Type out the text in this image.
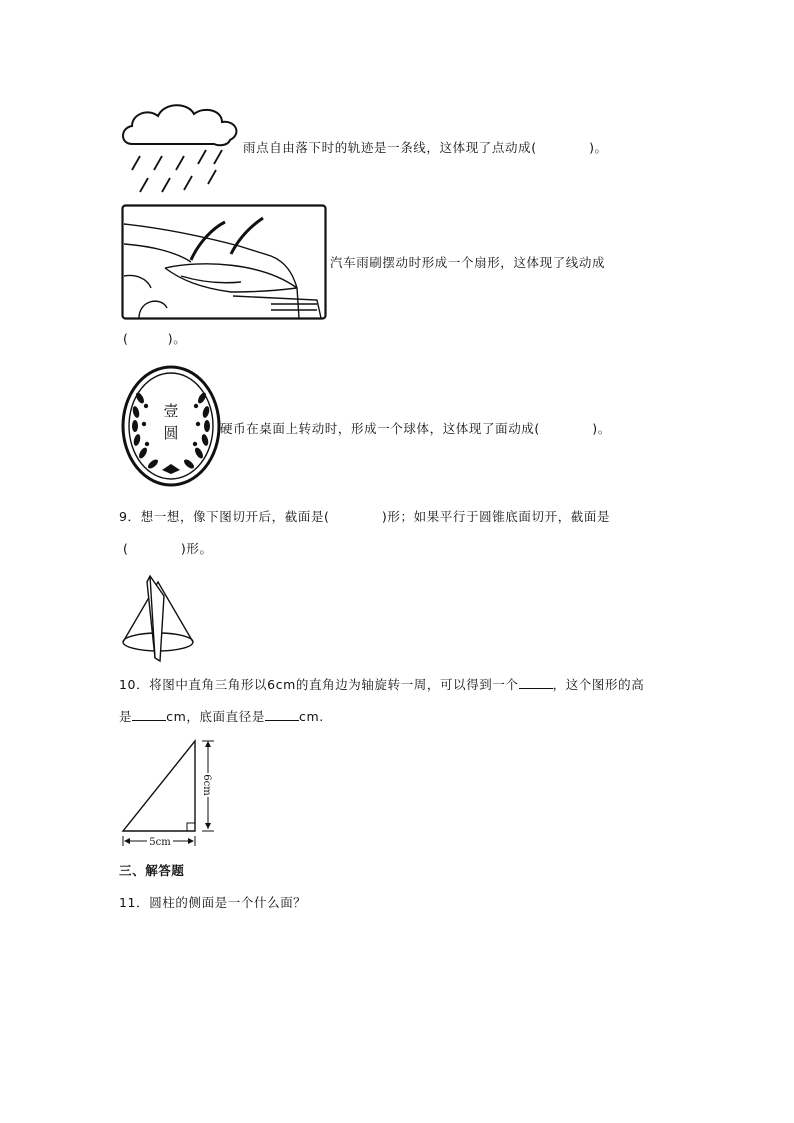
雨点自由落下时的轨迹是一条线，这体现了点动成(　　　　)。
汽车雨刷摆动时形成一个扇形，这体现了线动成
(　　　)。
壹
圆	硬币在桌面上转动时，形成一个球体，这体现了面动成(　　　　)。
9．想一想，像下图切开后，截面是(　　　　)形；如果平行于圆锥底面切开，截面是
(　　　　)形。
10．将图中直角三角形以6cm的直角边为轴旋转一周，可以得到一个	，这个图形的高
是	cm，底面直径是	cm.
6cm
5cm
三、解答题
11．圆柱的侧面是一个什么面？
